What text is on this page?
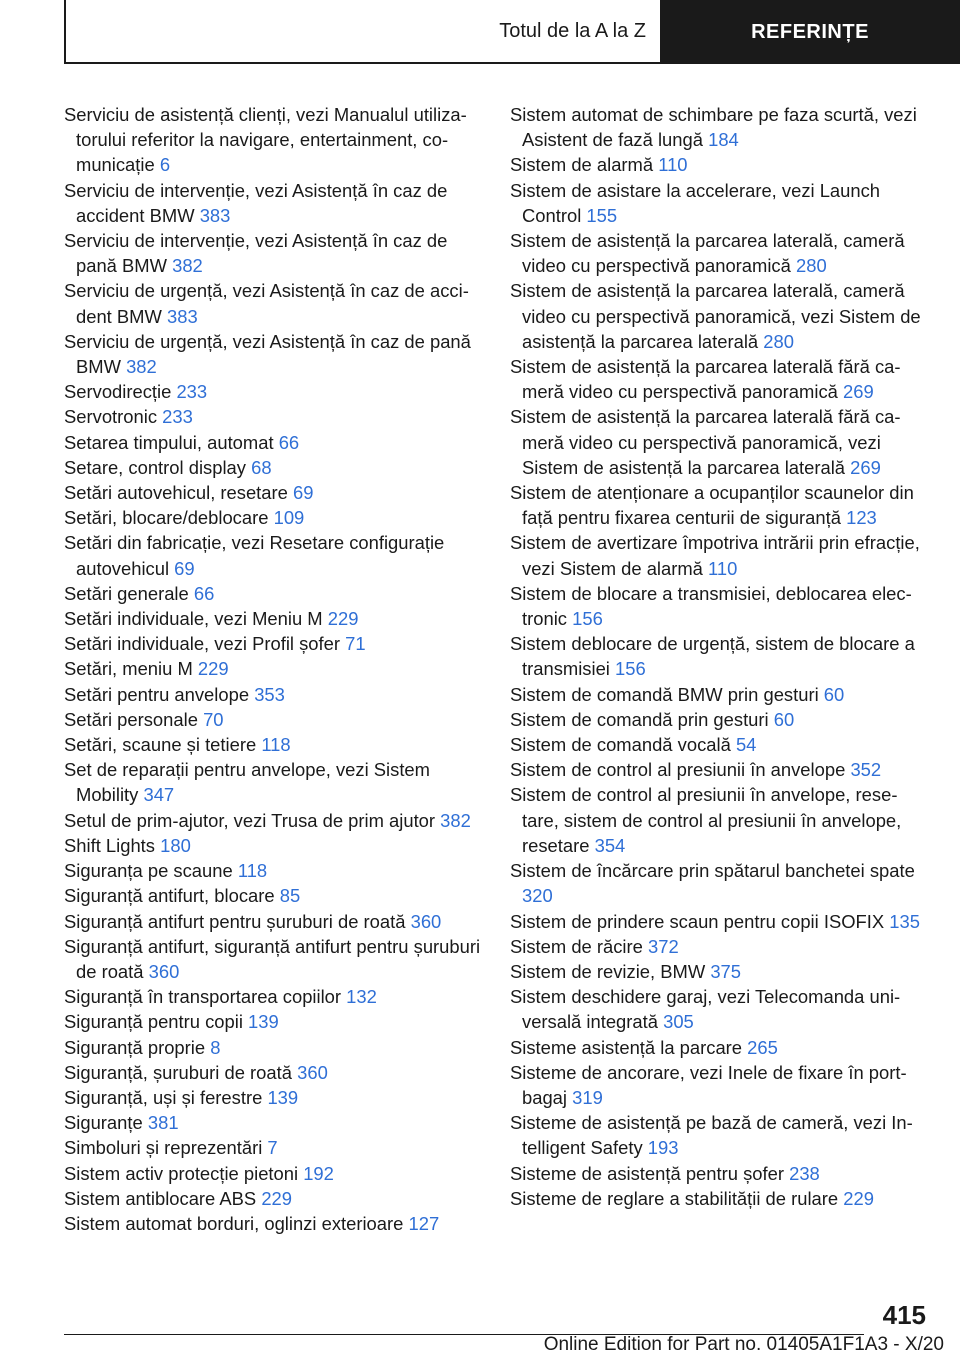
Totul de la A la Z	REFERINȚE
Serviciu de asistență clienți, vezi Manualul utilizatorului referitor la navigare, entertainment, comunicație 6
Serviciu de intervenție, vezi Asistență în caz de accident BMW 383
Serviciu de intervenție, vezi Asistență în caz de pană BMW 382
Serviciu de urgență, vezi Asistență în caz de accident BMW 383
Serviciu de urgență, vezi Asistență în caz de pană BMW 382
Servodirecție 233
Servotronic 233
Setarea timpului, automat 66
Setare, control display 68
Setări autovehicul, resetare 69
Setări, blocare/deblocare 109
Setări din fabricație, vezi Resetare configurație autovehicul 69
Setări generale 66
Setări individuale, vezi Meniu M 229
Setări individuale, vezi Profil șofer 71
Setări, meniu M 229
Setări pentru anvelope 353
Setări personale 70
Setări, scaune și tetiere 118
Set de reparații pentru anvelope, vezi Sistem Mobility 347
Setul de prim-ajutor, vezi Trusa de prim ajutor 382
Shift Lights 180
Siguranța pe scaune 118
Siguranță antifurt, blocare 85
Siguranță antifurt pentru șuruburi de roată 360
Siguranță antifurt, siguranță antifurt pentru șuruburi de roată 360
Siguranță în transportarea copiilor 132
Siguranță pentru copii 139
Siguranță proprie 8
Siguranță, șuruburi de roată 360
Siguranță, uși și ferestre 139
Siguranțe 381
Simboluri și reprezentări 7
Sistem activ protecție pietoni 192
Sistem antiblocare ABS 229
Sistem automat borduri, oglinzi exterioare 127
Sistem automat de schimbare pe faza scurtă, vezi Asistent de fază lungă 184
Sistem de alarmă 110
Sistem de asistare la accelerare, vezi Launch Control 155
Sistem de asistență la parcarea laterală, cameră video cu perspectivă panoramică 280
Sistem de asistență la parcarea laterală, cameră video cu perspectivă panoramică, vezi Sistem de asistență la parcarea laterală 280
Sistem de asistență la parcarea laterală fără cameră video cu perspectivă panoramică 269
Sistem de asistență la parcarea laterală fără cameră video cu perspectivă panoramică, vezi Sistem de asistență la parcarea laterală 269
Sistem de atenționare a ocupanților scaunelor din față pentru fixarea centurii de siguranță 123
Sistem de avertizare împotriva intrării prin efracție, vezi Sistem de alarmă 110
Sistem de blocare a transmisiei, deblocarea electronic 156
Sistem deblocare de urgență, sistem de blocare a transmisiei 156
Sistem de comandă BMW prin gesturi 60
Sistem de comandă prin gesturi 60
Sistem de comandă vocală 54
Sistem de control al presiunii în anvelope 352
Sistem de control al presiunii în anvelope, resetare, sistem de control al presiunii în anvelope, resetare 354
Sistem de încărcare prin spătarul banchetei spate 320
Sistem de prindere scaun pentru copii ISOFIX 135
Sistem de răcire 372
Sistem de revizie, BMW 375
Sistem deschidere garaj, vezi Telecomanda universală integrată 305
Sisteme asistență la parcare 265
Sisteme de ancorare, vezi Inele de fixare în portbagaj 319
Sisteme de asistență pe bază de cameră, vezi Intelligent Safety 193
Sisteme de asistență pentru șofer 238
Sisteme de reglare a stabilității de rulare 229
415
Online Edition for Part no. 01405A1F1A3 - X/20
